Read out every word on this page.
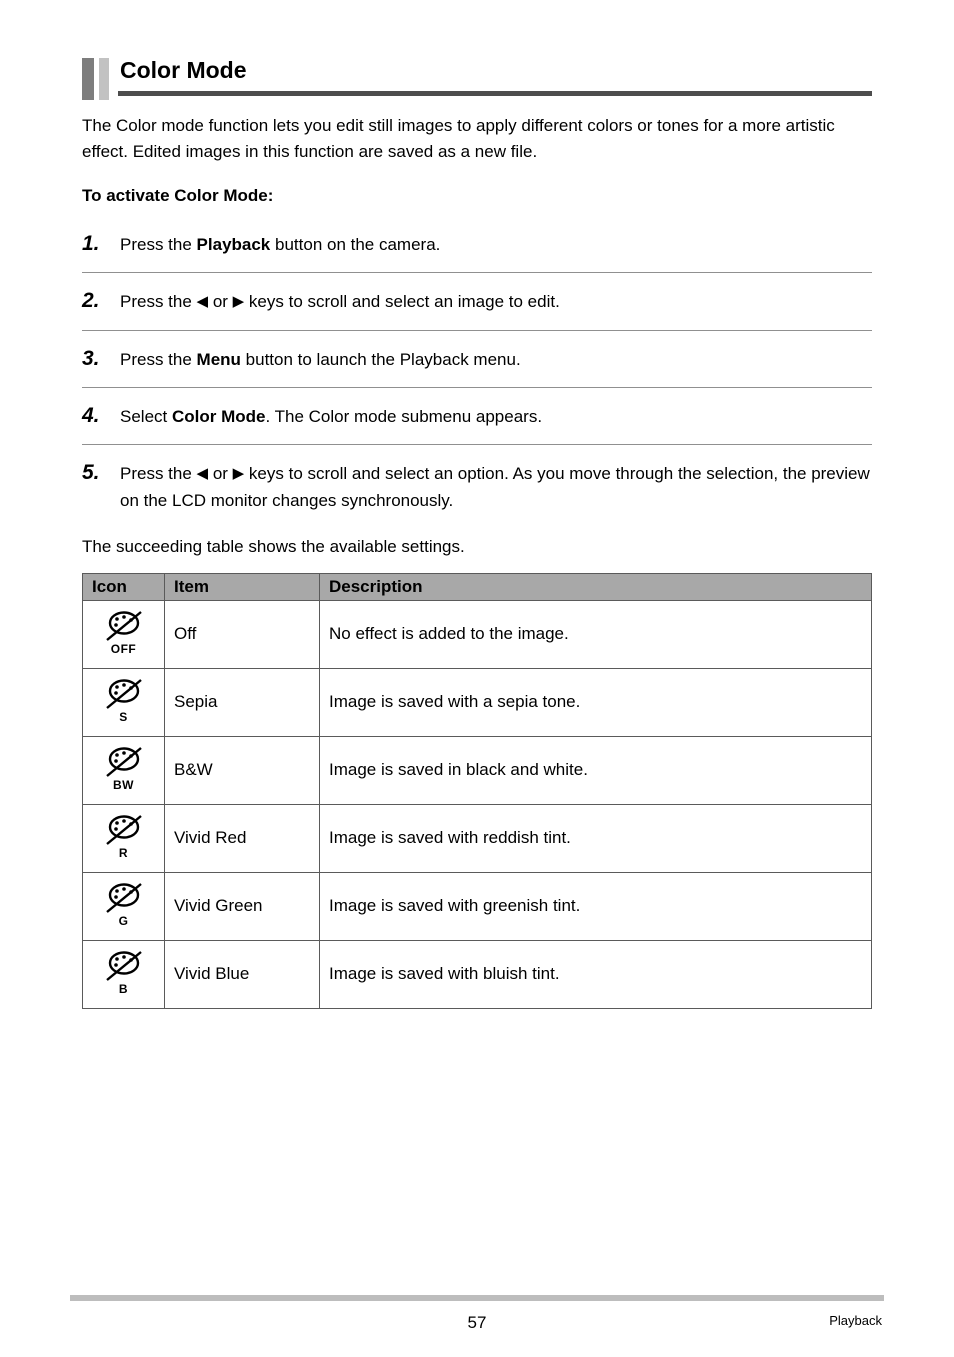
Color Mode

The Color mode function lets you edit still images to apply different colors or tones for a more artistic effect. Edited images in this function are saved as a new file.

To activate Color Mode:

1.	Press the Playback button on the camera.
2.	Press the ◀ or ▶ keys to scroll and select an image to edit.
3.	Press the Menu button to launch the Playback menu.
4.	Select Color Mode. The Color mode submenu appears.
5.	Press the ◀ or ▶ keys to scroll and select an option. As you move through the selection, the preview on the LCD monitor changes synchronously.

The succeeding table shows the available settings.

Icon	Item	Description

OFF	Off	No effect is added to the image.

S	Sepia	Image is saved with a sepia tone.

BW	B&W	Image is saved in black and white.

R	Vivid Red	Image is saved with reddish tint.

G	Vivid Green	Image is saved with greenish tint.

B	Vivid Blue	Image is saved with bluish tint.
57	Playback
